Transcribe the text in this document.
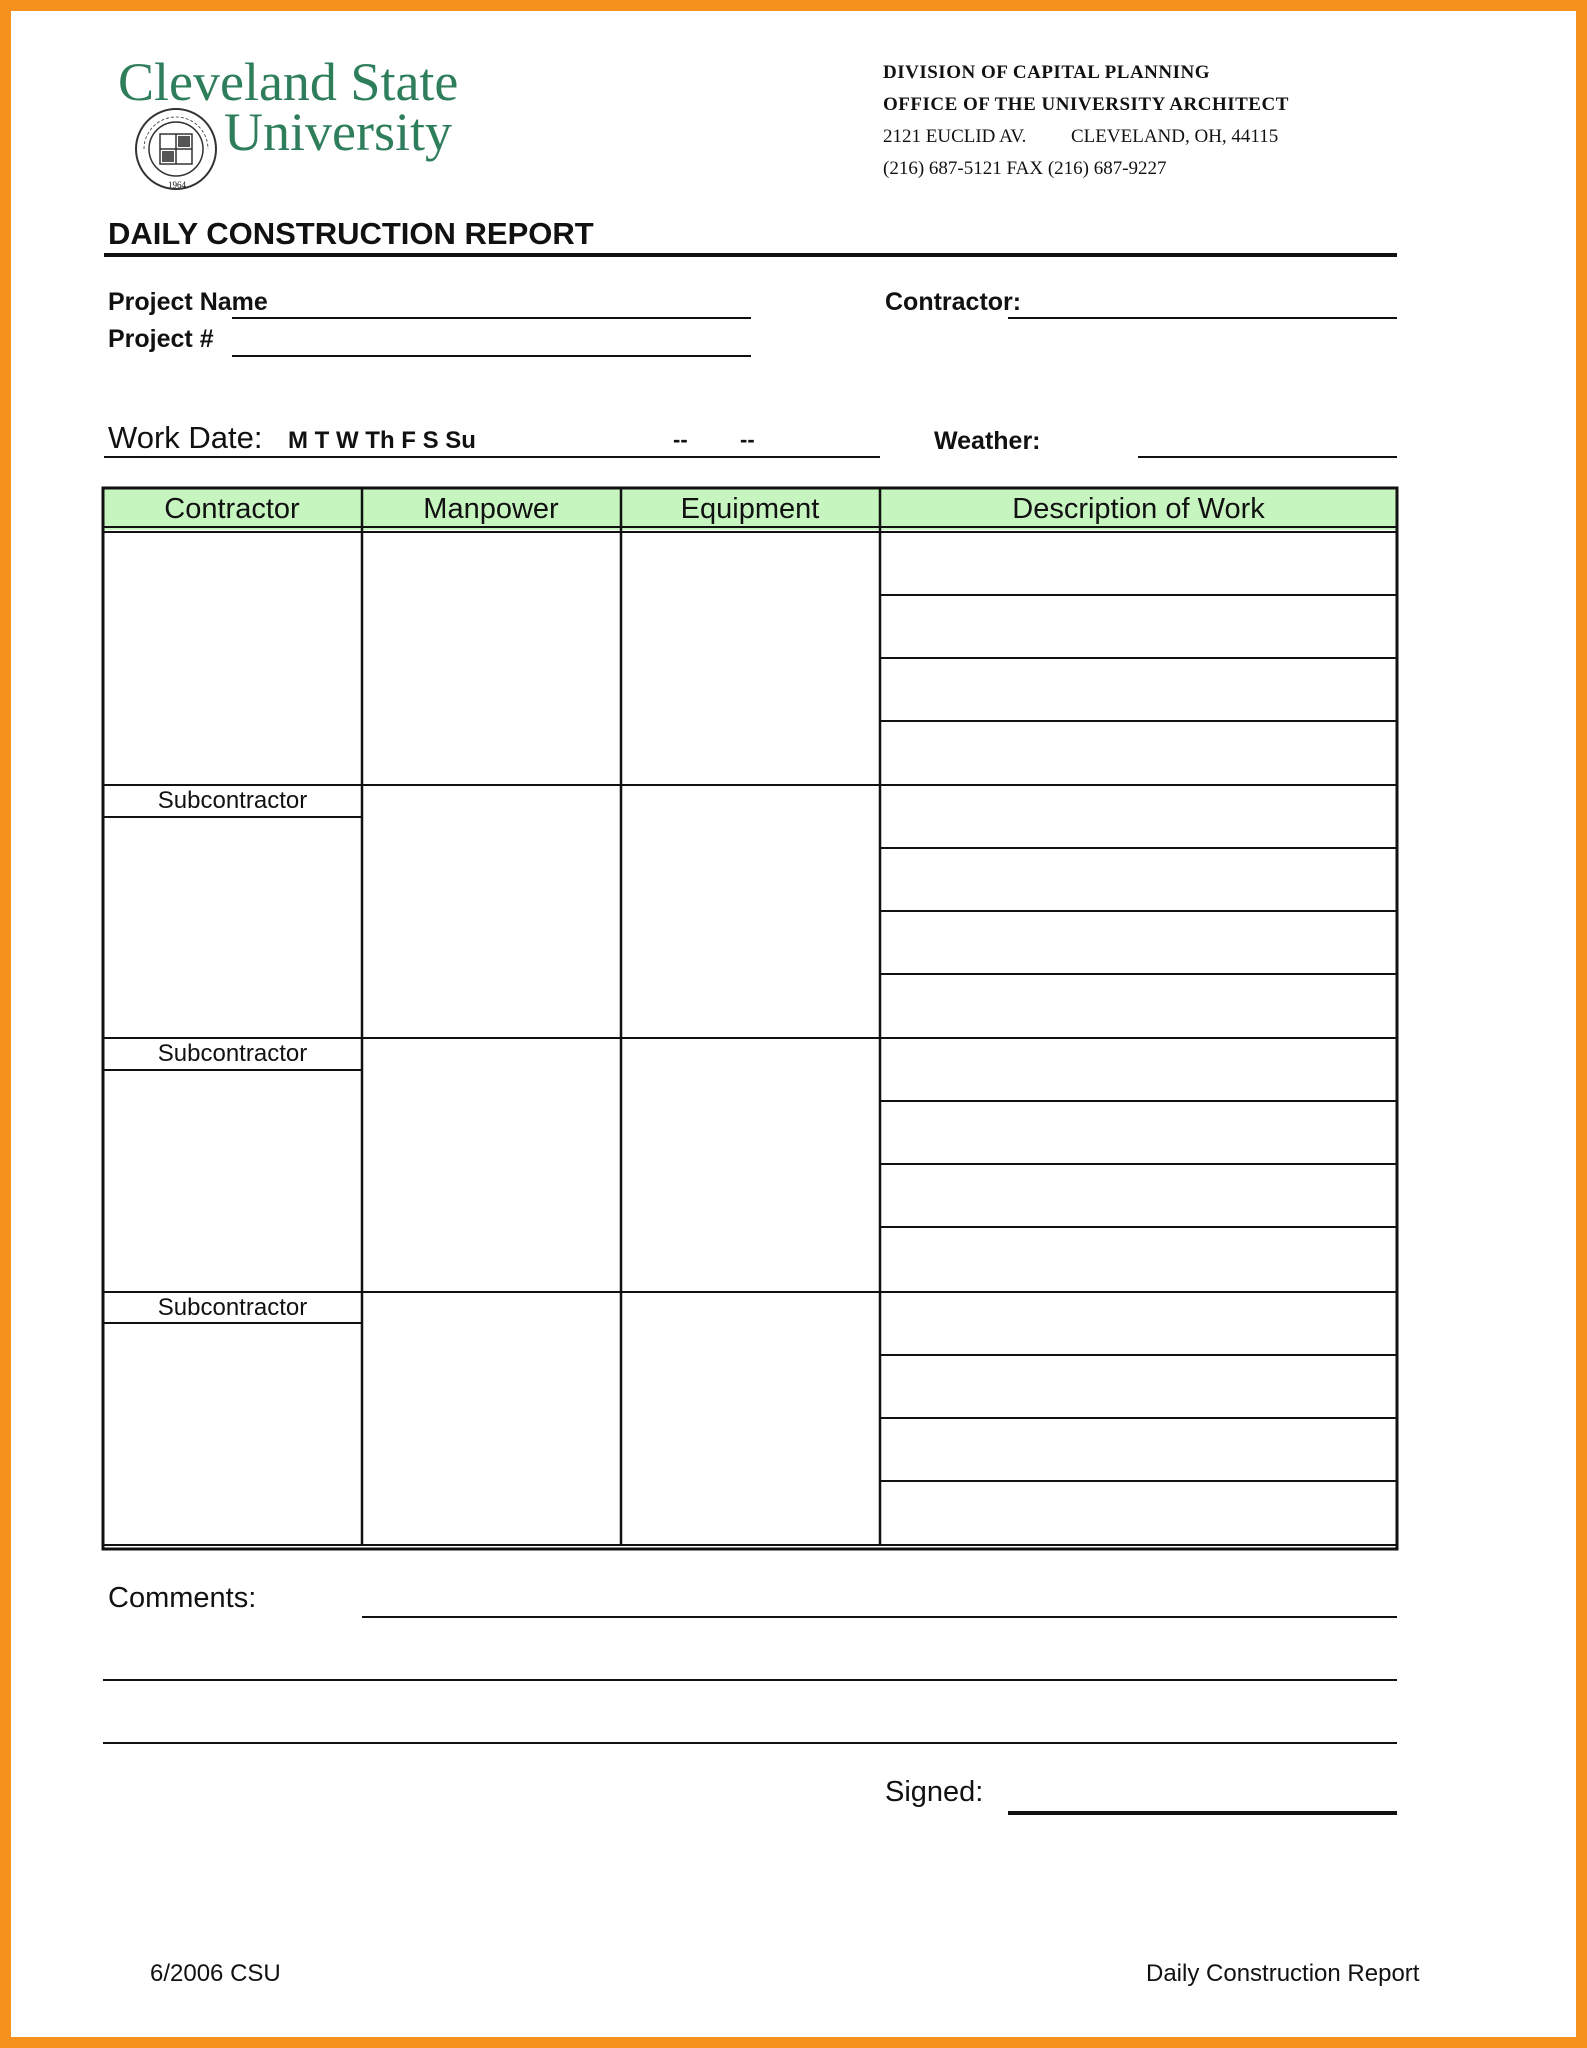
Cleveland State
University
1964
DIVISION OF CAPITAL PLANNING
OFFICE OF THE UNIVERSITY ARCHITECT
2121 EUCLID AV. CLEVELAND, OH, 44115
(216) 687-5121 FAX (216) 687-9227
DAILY CONSTRUCTION REPORT
Project Name
Project #
Contractor:
Work Date: M T W Th F S Su	-- --	Weather:
Contractor	Manpower	Equipment	Description of Work
Subcontractor
Subcontractor
Subcontractor
Comments:
Signed:
6/2006 CSU	Daily Construction Report
